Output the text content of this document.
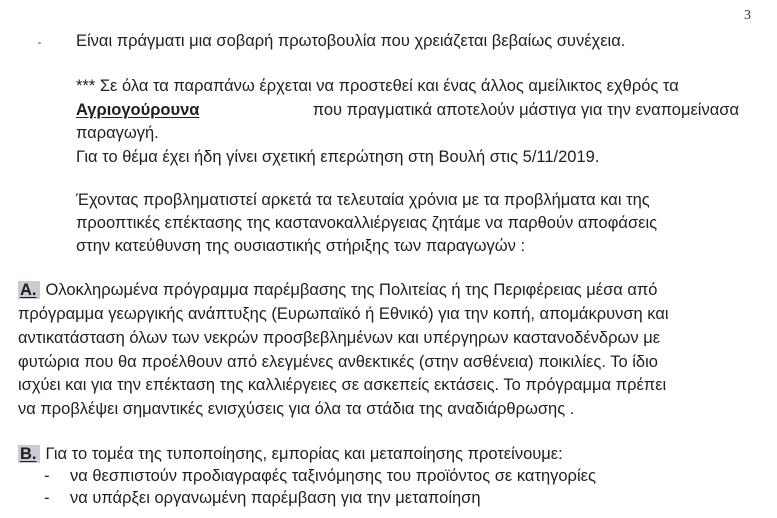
3
Είναι πράγματι μια σοβαρή πρωτοβουλία που χρειάζεται βεβαίως συνέχεια.
*** Σε όλα τα παραπάνω έρχεται να προστεθεί και ένας άλλος αμείλικτος εχθρός τα
Αγριογούρουνα	που πραγματικά αποτελούν μάστιγα για την εναπομείνασα
παραγωγή.
Για το θέμα έχει ήδη γίνει σχετική επερώτηση στη Βουλή στις 5/11/2019.
Έχοντας προβληματιστεί αρκετά τα τελευταία χρόνια με τα προβλήματα και της
προοπτικές επέκτασης της καστανοκαλλιέργειας ζητάμε να παρθούν αποφάσεις
στην κατεύθυνση της ουσιαστικής στήριξης των παραγωγών :
Α. Ολοκληρωμένα πρόγραμμα παρέμβασης της Πολιτείας ή της Περιφέρειας μέσα από
πρόγραμμα γεωργικής ανάπτυξης (Ευρωπαϊκό ή Εθνικό) για την κοπή, απομάκρυνση και
αντικατάσταση όλων των νεκρών προσβεβλημένων και υπέργηρων καστανοδένδρων με
φυτώρια που θα προέλθουν από ελεγμένες ανθεκτικές (στην ασθένεια) ποικιλίες. Το ίδιο
ισχύει και για την επέκταση της καλλιέργειες σε ασκεπείς εκτάσεις. Το πρόγραμμα πρέπει
να προβλέψει σημαντικές ενισχύσεις για όλα τα στάδια της αναδιάρθρωσης .
Β. Για το τομέα της τυποποίησης, εμπορίας και μεταποίησης προτείνουμε:
- να θεσπιστούν προδιαγραφές ταξινόμησης του προϊόντος σε κατηγορίες
- να υπάρξει οργανωμένη παρέμβαση για την μεταποίηση
